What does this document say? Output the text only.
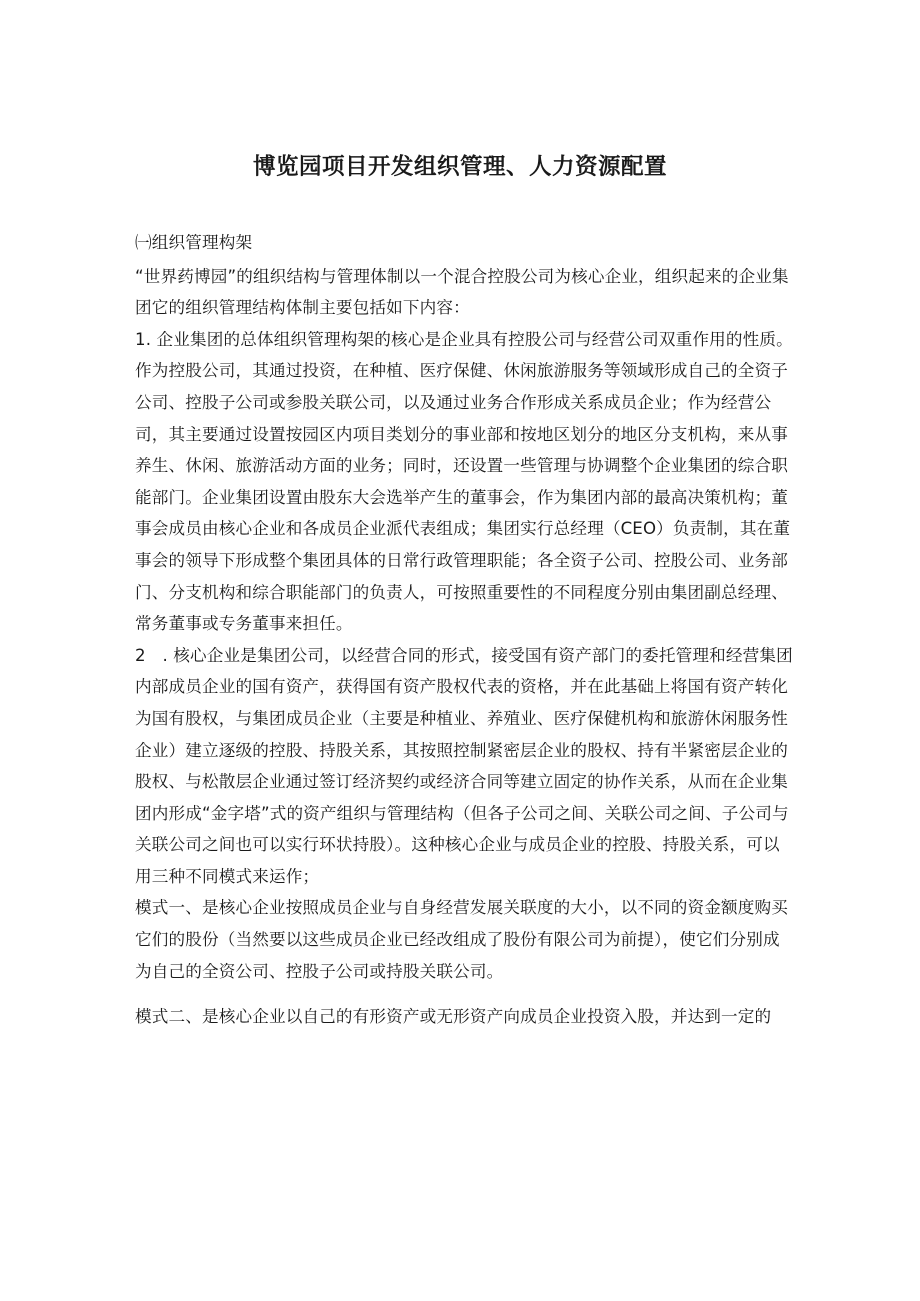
博览园项目开发组织管理、人力资源配置

㈠组织管理构架

“世界药博园”的组织结构与管理体制以一个混合控股公司为核心企业，组织起来的企业集团它的组织管理结构体制主要包括如下内容：

1. 企业集团的总体组织管理构架的核心是企业具有控股公司与经营公司双重作用的性质。作为控股公司，其通过投资，在种植、医疗保健、休闲旅游服务等领域形成自己的全资子公司、控股子公司或参股关联公司，以及通过业务合作形成关系成员企业；作为经营公司，其主要通过设置按园区内项目类划分的事业部和按地区划分的地区分支机构，来从事养生、休闲、旅游活动方面的业务；同时，还设置一些管理与协调整个企业集团的综合职能部门。企业集团设置由股东大会选举产生的董事会，作为集团内部的最高决策机构；董事会成员由核心企业和各成员企业派代表组成；集团实行总经理（CEO）负责制，其在董事会的领导下形成整个集团具体的日常行政管理职能；各全资子公司、控股公司、业务部门、分支机构和综合职能部门的负责人，可按照重要性的不同程度分别由集团副总经理、常务董事或专务董事来担任。

2　. 核心企业是集团公司，以经营合同的形式，接受国有资产部门的委托管理和经营集团内部成员企业的国有资产，获得国有资产股权代表的资格，并在此基础上将国有资产转化为国有股权，与集团成员企业（主要是种植业、养殖业、医疗保健机构和旅游休闲服务性企业）建立逐级的控股、持股关系，其按照控制紧密层企业的股权、持有半紧密层企业的股权、与松散层企业通过签订经济契约或经济合同等建立固定的协作关系，从而在企业集团内形成“金字塔”式的资产组织与管理结构（但各子公司之间、关联公司之间、子公司与关联公司之间也可以实行环状持股）。这种核心企业与成员企业的控股、持股关系，可以用三种不同模式来运作；

模式一、是核心企业按照成员企业与自身经营发展关联度的大小，以不同的资金额度购买它们的股份（当然要以这些成员企业已经改组成了股份有限公司为前提），使它们分别成为自己的全资公司、控股子公司或持股关联公司。

模式二、是核心企业以自己的有形资产或无形资产向成员企业投资入股，并达到一定的
